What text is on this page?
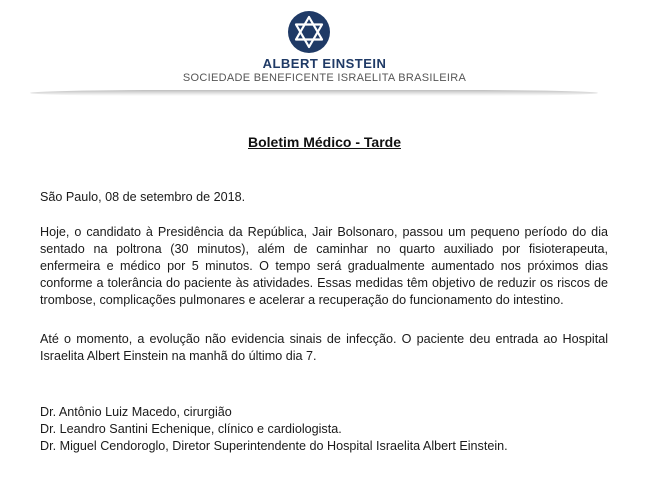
ALBERT EINSTEIN
SOCIEDADE BENEFICENTE ISRAELITA BRASILEIRA
Boletim Médico - Tarde
São Paulo, 08 de setembro de 2018.
Hoje, o candidato à Presidência da República, Jair Bolsonaro, passou um pequeno período do dia sentado na poltrona (30 minutos), além de caminhar no quarto auxiliado por fisioterapeuta, enfermeira e médico por 5 minutos. O tempo será gradualmente aumentado nos próximos dias conforme a tolerância do paciente às atividades. Essas medidas têm objetivo de reduzir os riscos de trombose, complicações pulmonares e acelerar a recuperação do funcionamento do intestino.
Até o momento, a evolução não evidencia sinais de infecção. O paciente deu entrada ao Hospital Israelita Albert Einstein na manhã do último dia 7.
Dr. Antônio Luiz Macedo, cirurgião
Dr. Leandro Santini Echenique, clínico e cardiologista.
Dr. Miguel Cendoroglo, Diretor Superintendente do Hospital Israelita Albert Einstein.
